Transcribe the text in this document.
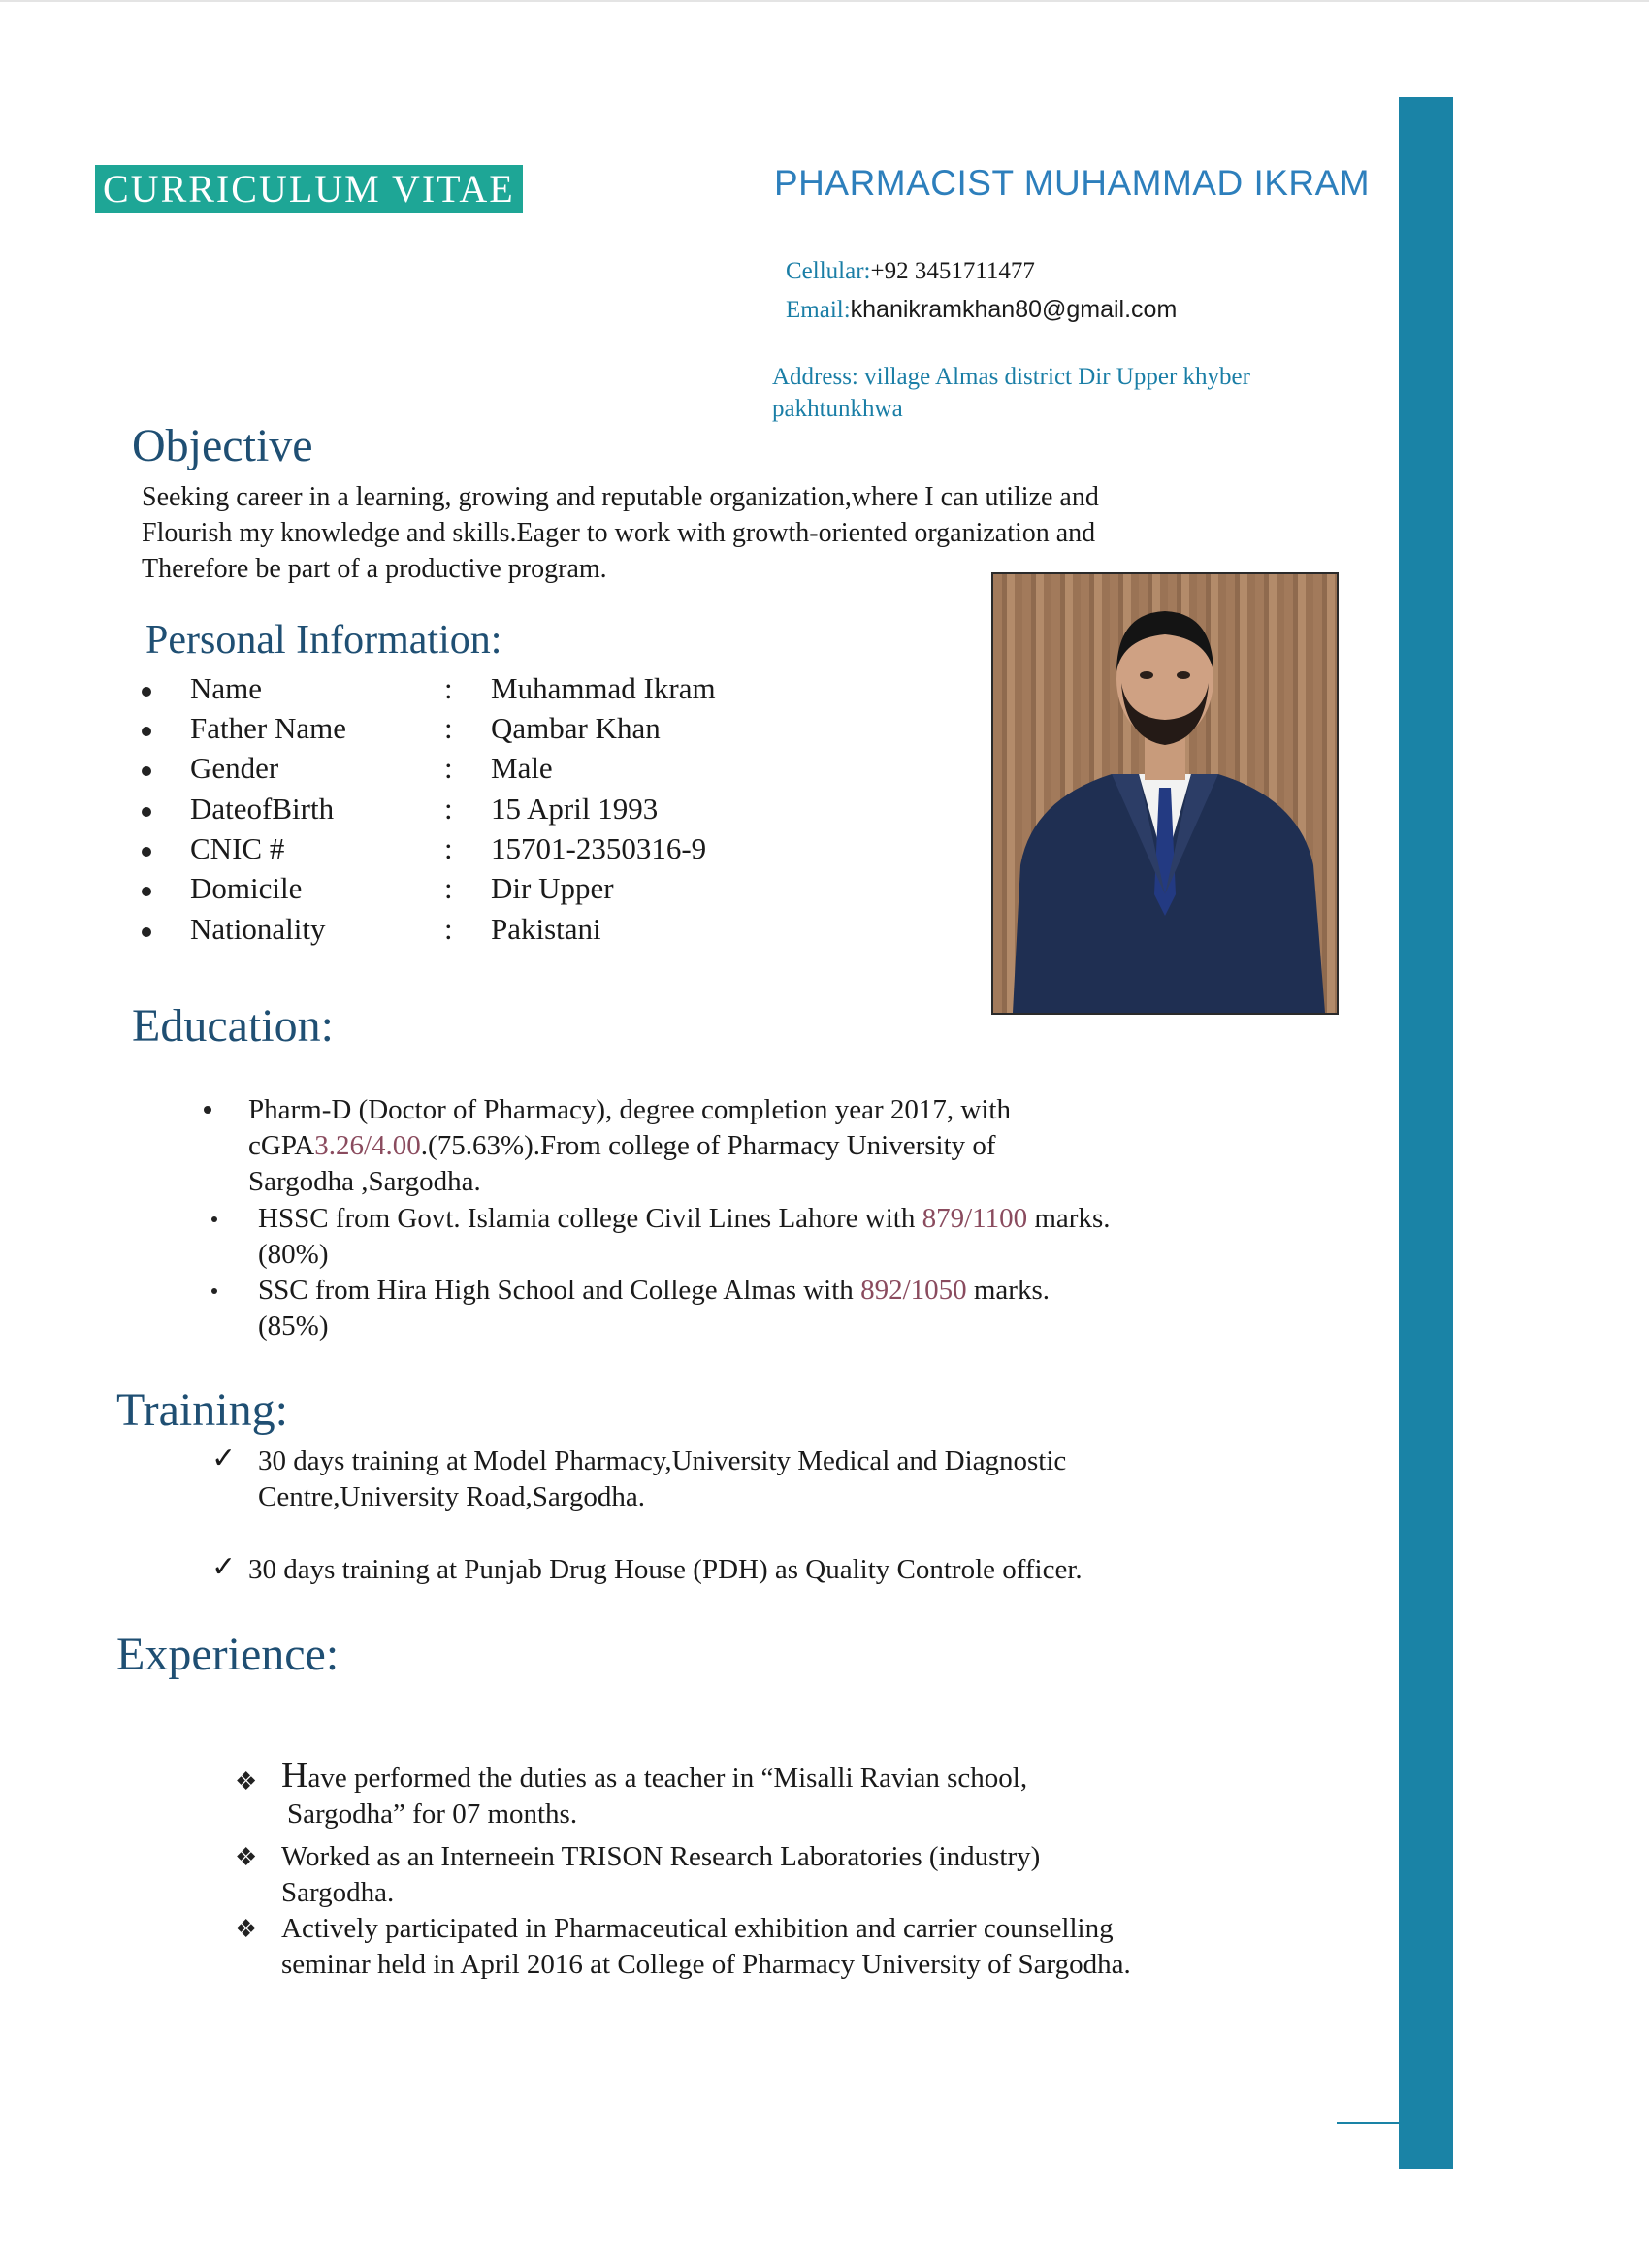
CURRICULUM VITAE	PHARMACIST MUHAMMAD IKRAM
Cellular:+92 3451711477
Email:khanikramkhan80@gmail.com
Address: village Almas district Dir Upper khyber
pakhtunkhwa
Objective
Seeking career in a learning, growing and reputable organization,where I can utilize and
Flourish my knowledge and skills.Eager to work with growth-oriented organization and
Therefore be part of a productive program.
Personal Information:
Name	: Muhammad Ikram
Father Name	: Qambar Khan
Gender	: Male
DateofBirth	: 15 April 1993
CNIC #	: 15701-2350316-9
Domicile	: Dir Upper
Nationality	: Pakistani
Education:
Pharm-D (Doctor of Pharmacy), degree completion year 2017, with
cGPA3.26/4.00.(75.63%).From college of Pharmacy University of
Sargodha ,Sargodha.
HSSC from Govt. Islamia college Civil Lines Lahore with 879/1100 marks.
(80%)
SSC from Hira High School and College Almas with 892/1050 marks.
(85%)
Training:
✓ 30 days training at Model Pharmacy,University Medical and Diagnostic
Centre,University Road,Sargodha.
✓ 30 days training at Punjab Drug House (PDH) as Quality Controle officer.
Experience:
❖ Have performed the duties as a teacher in “Misalli Ravian school,
Sargodha” for 07 months.
❖ Worked as an Interneein TRISON Research Laboratories (industry)
Sargodha.
❖ Actively participated in Pharmaceutical exhibition and carrier counselling
seminar held in April 2016 at College of Pharmacy University of Sargodha.
